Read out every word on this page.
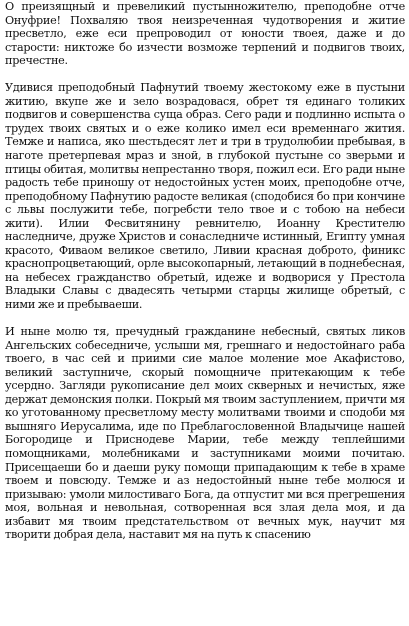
О преизящный и превеликий пустынножителю, преподобне отче Онуфрие! Похваляю твоя неизреченная чудотворения и житие пресветло, еже еси препроводил от юности твоея, даже и до старости: никтоже бо изчести возможе терпений и подвигов твоих, пречестне.

Удивися преподобный Пафнутий твоему жестокому еже в пустыни житию, вкупе же и зело возрадовася, обрет тя единаго толиких подвигов и совершенства суща образ. Сего ради и подлинно испыта о трудех твоих святых и о еже колико имел еси временнаго жития. Темже и написа, яко шестьдесят лет и три в трудолюбии пребывая, в наготе претерпевая мраз и зной, в глубокой пустыне со зверьми и птицы обитая, молитвы непрестанно творя, пожил еси. Его ради ныне радость тебе приношу от недостойных устен моих, преподобне отче, преподобному Пафнутию радосте великая (сподобися бо при кончине с львы послужити тебе, погребсти тело твое и с тобою на небеси жити). Илии Фесвитянину ревнителю, Иоанну Крестителю наследниче, друже Христов и сонаследниче истинный, Египту умная красото, Фиваом великое светило, Ливии красная доброто, финикс краснопроцветающий, орле высокопарный, летающий в поднебесная, на небесех гражданство обретый, идеже и водворися у Престола Владыки Славы с двадесять четырми старцы жилище обретый, с ними же и пребываеши.

И ныне молю тя, пречудный гражданине небесный, святых ликов Ангельских собеседниче, услыши мя, грешнаго и недостойнаго раба твоего, в час сей и приими сие малое моление мое Акафистово, великий заступниче, скорый помощниче притекающим к тебе усердно. Загляди рукописание дел моих скверных и нечистых, яже держат демонския полки. Покрый мя твоим заступлением, причти мя ко уготованному пресветлому месту молитвами твоими и сподоби мя вышняго Иерусалима, иде по Преблагословенной Владычице нашей Богородице и Приснодеве Марии, тебе между теплейшими помощниками, молебниками и заступниками моими почитаю. Присещаеши бо и даеши руку помощи припадающим к тебе в храме твоем и повсюду. Темже и аз недостойный ныне тебе молюся и призываю: умоли милостиваго Бога, да отпустит ми вся прегрешения моя, вольная и невольная, сотворенная вся злая дела моя, и да избавит мя твоим предстательством от вечных мук, научит мя творити добрая дела, наставит мя на путь к спасению
